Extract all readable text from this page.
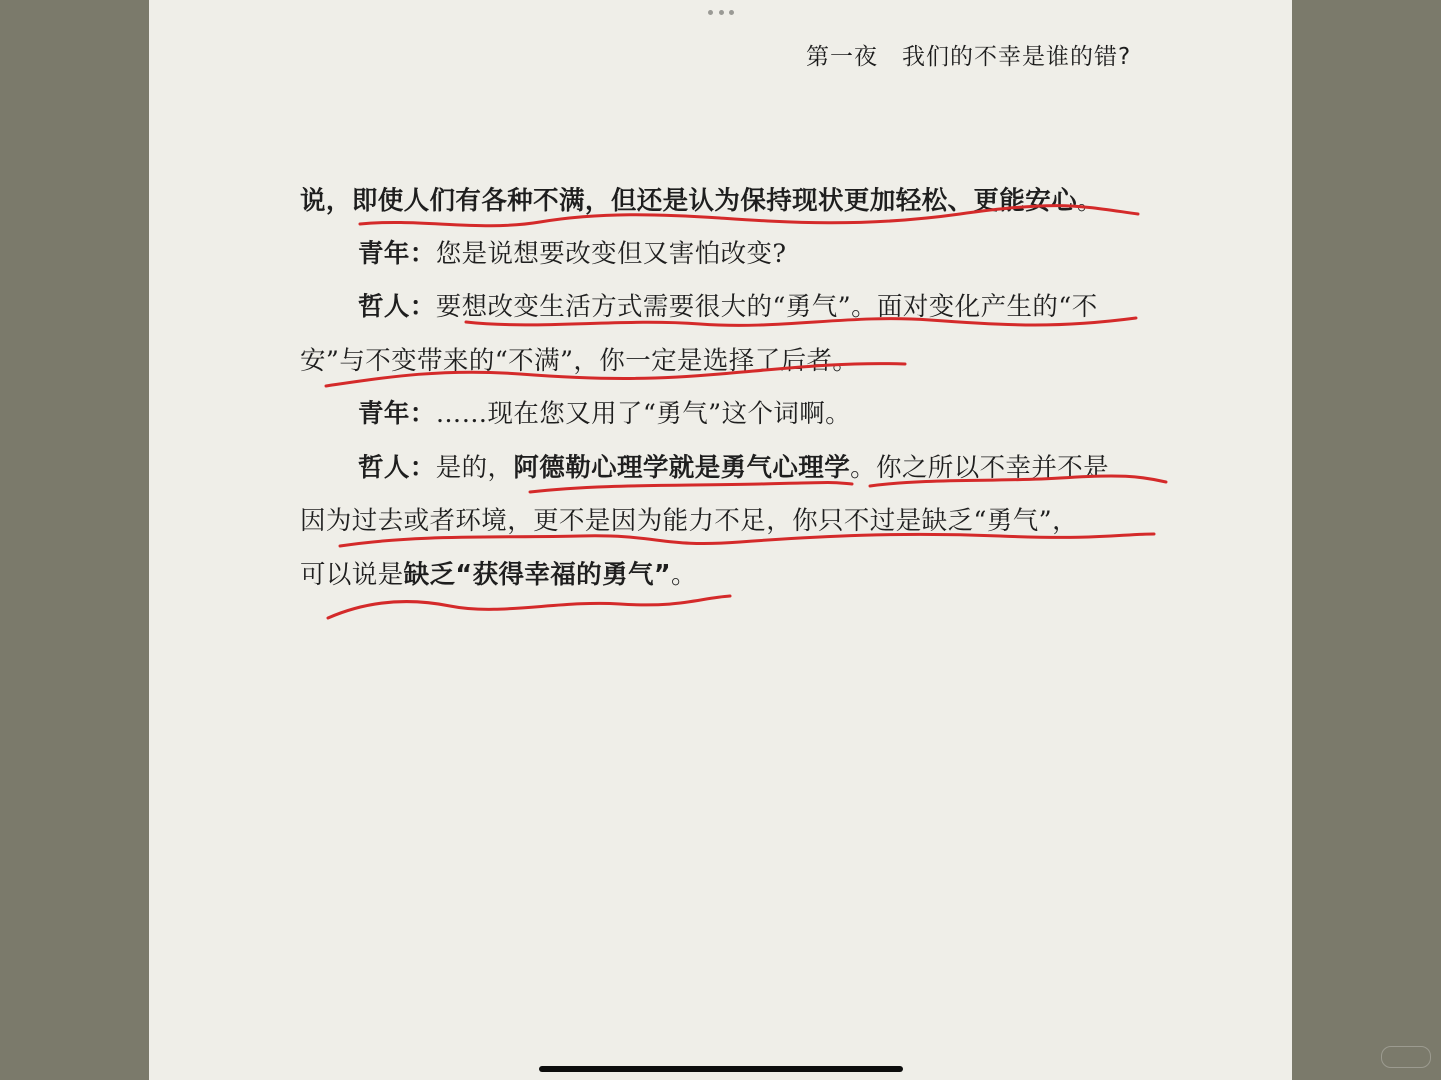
第一夜 我们的不幸是谁的错?
说，即使人们有各种不满，但还是认为保持现状更加轻松、更能安心。
青年：您是说想要改变但又害怕改变?
哲人：要想改变生活方式需要很大的“勇气”。面对变化产生的“不
安”与不变带来的“不满”，你一定是选择了后者。
青年：……现在您又用了“勇气”这个词啊。
哲人：是的，阿德勒心理学就是勇气心理学。你之所以不幸并不是
因为过去或者环境，更不是因为能力不足，你只不过是缺乏“勇气”，
可以说是缺乏“获得幸福的勇气”。
